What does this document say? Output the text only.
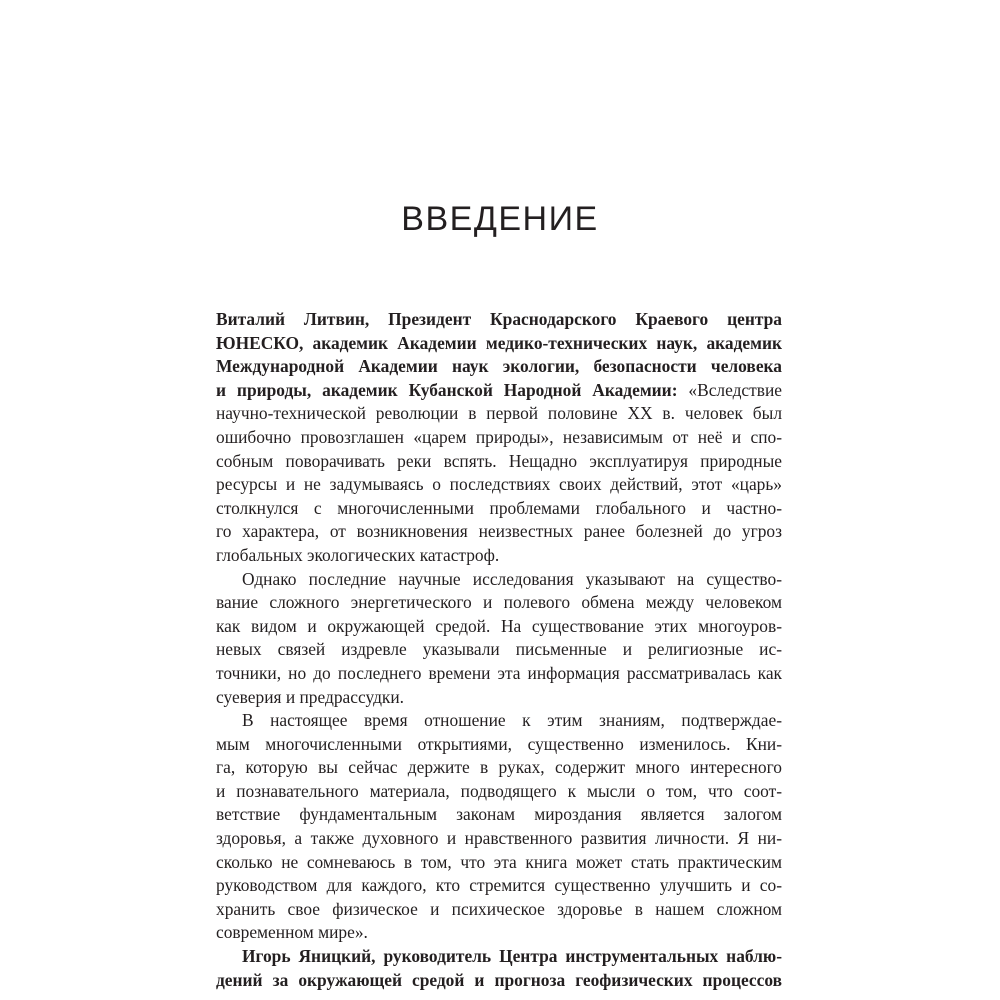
ВВЕДЕНИЕ
Виталий Литвин, Президент Краснодарского Краевого центра
ЮНЕСКО, академик Академии медико-технических наук, академик
Международной Академии наук экологии, безопасности человека
и природы, академик Кубанской Народной Академии: «Вследствие
научно-технической революции в первой половине XX в. человек был
ошибочно провозглашен «царем природы», независимым от неё и спо-
собным поворачивать реки вспять. Нещадно эксплуатируя природные
ресурсы и не задумываясь о последствиях своих действий, этот «царь»
столкнулся с многочисленными проблемами глобального и частно-
го характера, от возникновения неизвестных ранее болезней до угроз
глобальных экологических катастроф.
Однако последние научные исследования указывают на существо-
вание сложного энергетического и полевого обмена между человеком
как видом и окружающей средой. На существование этих многоуров-
невых связей издревле указывали письменные и религиозные ис-
точники, но до последнего времени эта информация рассматривалась как
суеверия и предрассудки.
В настоящее время отношение к этим знаниям, подтверждае-
мым многочисленными открытиями, существенно изменилось. Кни-
га, которую вы сейчас держите в руках, содержит много интересного
и познавательного материала, подводящего к мысли о том, что соот-
ветствие фундаментальным законам мироздания является залогом
здоровья, а также духовного и нравственного развития личности. Я ни-
сколько не сомневаюсь в том, что эта книга может стать практическим
руководством для каждого, кто стремится существенно улучшить и со-
хранить свое физическое и психическое здоровье в нашем сложном
современном мире».
Игорь Яницкий, руководитель Центра инструментальных наблю-
дений за окружающей средой и прогноза геофизических процессов
